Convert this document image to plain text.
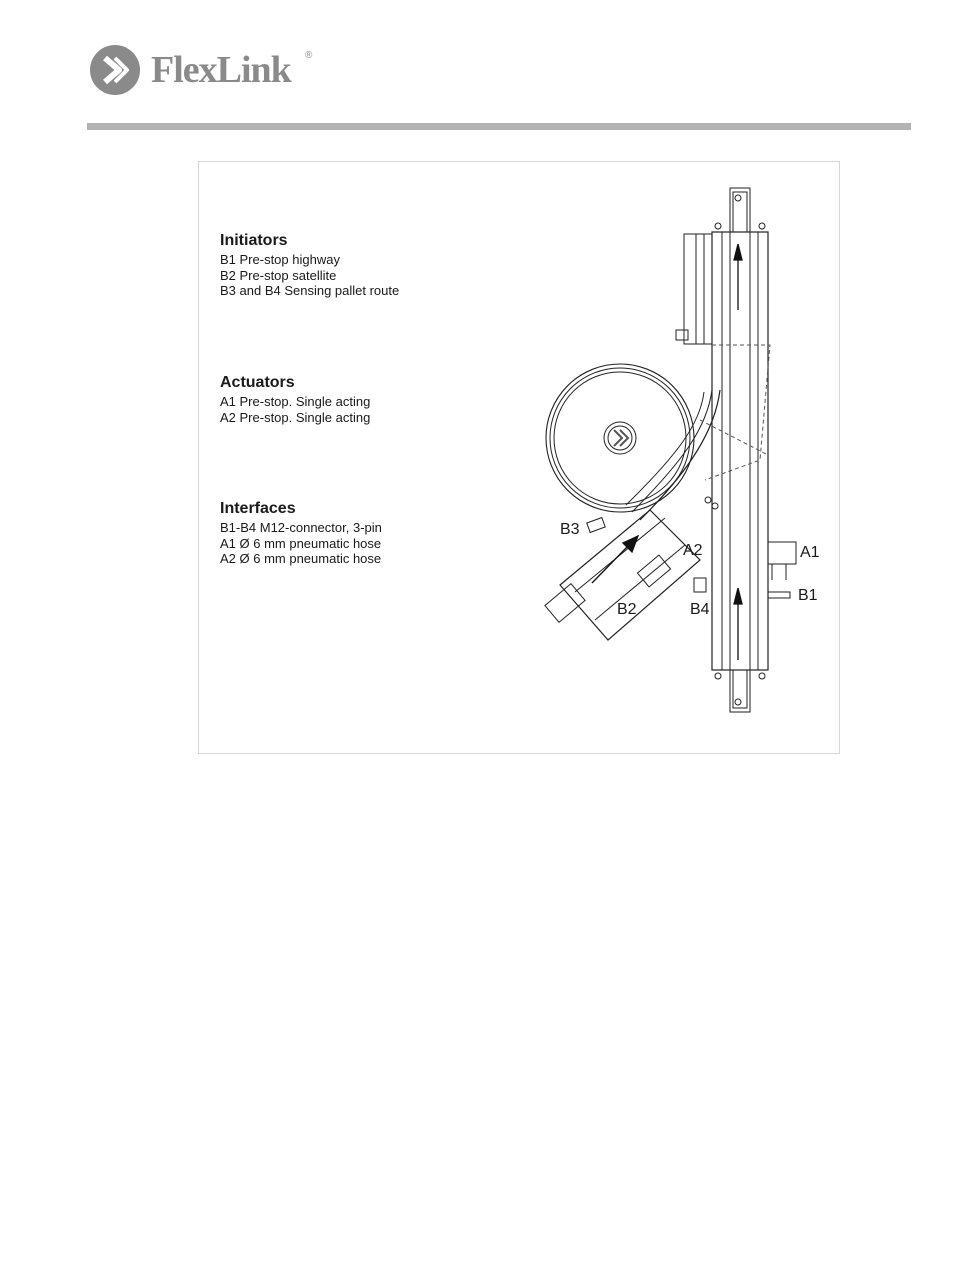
FlexLink ®
Initiators
B1 Pre-stop highway
B2 Pre-stop satellite
B3 and B4 Sensing pallet route
Actuators
A1 Pre-stop. Single acting
A2 Pre-stop. Single acting
Interfaces
B1-B4 M12-connector, 3-pin
A1 Ø 6 mm pneumatic hose
A2 Ø 6 mm pneumatic hose
B3
A2	A1
B1
B2	B4
